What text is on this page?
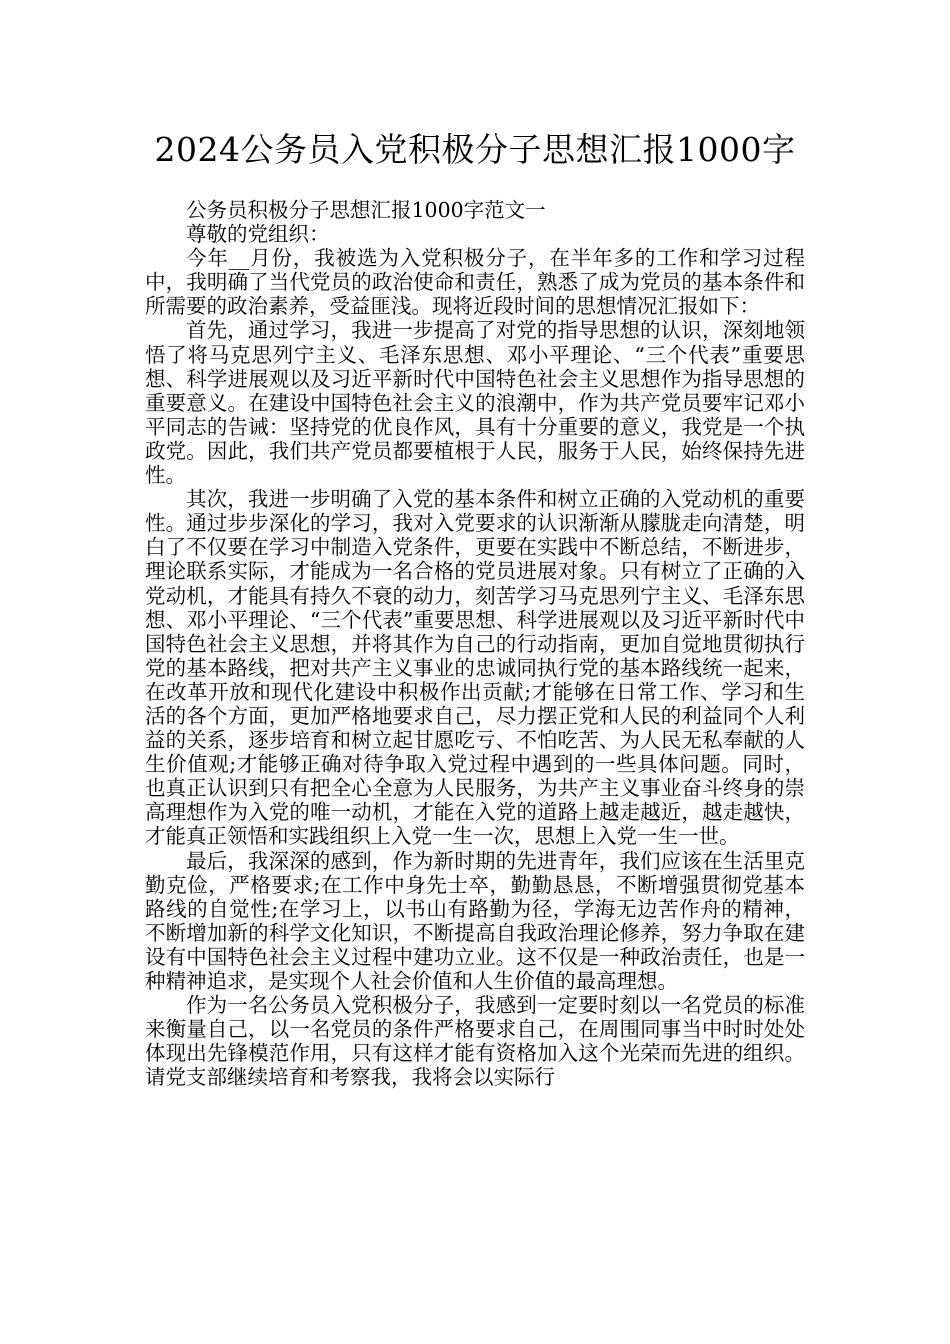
2024公务员入党积极分子思想汇报1000字

公务员积极分子思想汇报1000字范文一

尊敬的党组织：

今年__月份，我被选为入党积极分子，在半年多的工作和学习过程中，我明确了当代党员的政治使命和责任，熟悉了成为党员的基本条件和所需要的政治素养，受益匪浅。现将近段时间的思想情况汇报如下：

首先，通过学习，我进一步提高了对党的指导思想的认识，深刻地领悟了将马克思列宁主义、毛泽东思想、邓小平理论、“三个代表”重要思想、科学进展观以及习近平新时代中国特色社会主义思想作为指导思想的重要意义。在建设中国特色社会主义的浪潮中，作为共产党员要牢记邓小平同志的告诫：坚持党的优良作风，具有十分重要的意义，我党是一个执政党。因此，我们共产党员都要植根于人民，服务于人民，始终保持先进性。

其次，我进一步明确了入党的基本条件和树立正确的入党动机的重要性。通过步步深化的学习，我对入党要求的认识渐渐从朦胧走向清楚，明白了不仅要在学习中制造入党条件，更要在实践中不断总结，不断进步，理论联系实际，才能成为一名合格的党员进展对象。只有树立了正确的入党动机，才能具有持久不衰的动力，刻苦学习马克思列宁主义、毛泽东思想、邓小平理论、“三个代表”重要思想、科学进展观以及习近平新时代中国特色社会主义思想，并将其作为自己的行动指南，更加自觉地贯彻执行党的基本路线，把对共产主义事业的忠诚同执行党的基本路线统一起来，在改革开放和现代化建设中积极作出贡献;才能够在日常工作、学习和生活的各个方面，更加严格地要求自己，尽力摆正党和人民的利益同个人利益的关系，逐步培育和树立起甘愿吃亏、不怕吃苦、为人民无私奉献的人生价值观;才能够正确对待争取入党过程中遇到的一些具体问题。同时，也真正认识到只有把全心全意为人民服务，为共产主义事业奋斗终身的崇高理想作为入党的唯一动机，才能在入党的道路上越走越近，越走越快，才能真正领悟和实践组织上入党一生一次，思想上入党一生一世。

最后，我深深的感到，作为新时期的先进青年，我们应该在生活里克勤克俭，严格要求;在工作中身先士卒，勤勤恳恳，不断增强贯彻党基本路线的自觉性;在学习上，以书山有路勤为径，学海无边苦作舟的精神，不断增加新的科学文化知识，不断提高自我政治理论修养，努力争取在建设有中国特色社会主义过程中建功立业。这不仅是一种政治责任，也是一种精神追求，是实现个人社会价值和人生价值的最高理想。

作为一名公务员入党积极分子，我感到一定要时刻以一名党员的标准来衡量自己，以一名党员的条件严格要求自己，在周围同事当中时时处处体现出先锋模范作用，只有这样才能有资格加入这个光荣而先进的组织。请党支部继续培育和考察我，我将会以实际行
